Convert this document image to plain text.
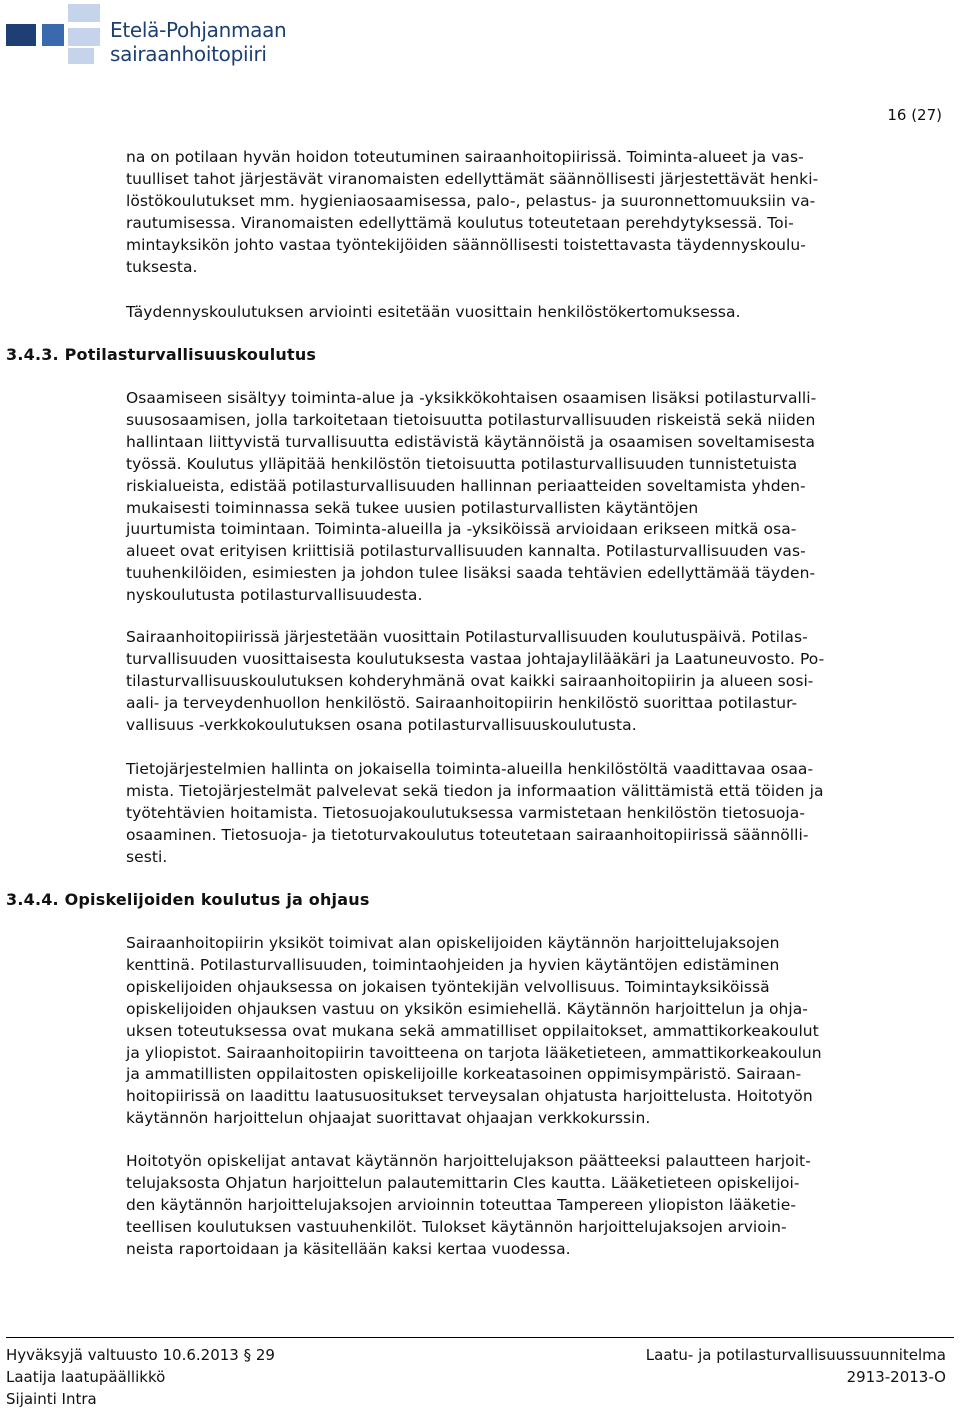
Etelä-Pohjanmaan
sairaanhoitopiiri
16 (27)

na on potilaan hyvän hoidon toteutuminen sairaanhoitopiirissä. Toiminta-alueet ja vas-
tuulliset tahot järjestävät viranomaisten edellyttämät säännöllisesti järjestettävät henki-
löstökoulutukset mm. hygieniaosaamisessa, palo-, pelastus- ja suuronnettomuuksiin va-
rautumisessa. Viranomaisten edellyttämä koulutus toteutetaan perehdytyksessä. Toi-
mintayksikön johto vastaa työntekijöiden säännöllisesti toistettavasta täydennyskoulu-
tuksesta.

Täydennyskoulutuksen arviointi esitetään vuosittain henkilöstökertomuksessa.

3.4.3. Potilasturvallisuuskoulutus

Osaamiseen sisältyy toiminta-alue ja -yksikkökohtaisen osaamisen lisäksi potilasturvalli-
suusosaamisen, jolla tarkoitetaan tietoisuutta potilasturvallisuuden riskeistä sekä niiden
hallintaan liittyvistä turvallisuutta edistävistä käytännöistä ja osaamisen soveltamisesta
työssä. Koulutus ylläpitää henkilöstön tietoisuutta potilasturvallisuuden tunnistetuista
riskialueista, edistää potilasturvallisuuden hallinnan periaatteiden soveltamista yhden-
mukaisesti toiminnassa sekä tukee uusien potilasturvallisten käytäntöjen
juurtumista toimintaan. Toiminta-alueilla ja -yksiköissä arvioidaan erikseen mitkä osa-
alueet ovat erityisen kriittisiä potilasturvallisuuden kannalta. Potilasturvallisuuden vas-
tuuhenkilöiden, esimiesten ja johdon tulee lisäksi saada tehtävien edellyttämää täyden-
nyskoulutusta potilasturvallisuudesta.

Sairaanhoitopiirissä järjestetään vuosittain Potilasturvallisuuden koulutuspäivä. Potilas-
turvallisuuden vuosittaisesta koulutuksesta vastaa johtajaylilääkäri ja Laatuneuvosto. Po-
tilasturvallisuuskoulutuksen kohderyhmänä ovat kaikki sairaanhoitopiirin ja alueen sosi-
aali- ja terveydenhuollon henkilöstö. Sairaanhoitopiirin henkilöstö suorittaa potilastur-
vallisuus -verkkokoulutuksen osana potilasturvallisuuskoulutusta.

Tietojärjestelmien hallinta on jokaisella toiminta-alueilla henkilöstöltä vaadittavaa osaa-
mista. Tietojärjestelmät palvelevat sekä tiedon ja informaation välittämistä että töiden ja
työtehtävien hoitamista. Tietosuojakoulutuksessa varmistetaan henkilöstön tietosuoja-
osaaminen. Tietosuoja- ja tietoturvakoulutus toteutetaan sairaanhoitopiirissä säännölli-
sesti.

3.4.4. Opiskelijoiden koulutus ja ohjaus

Sairaanhoitopiirin yksiköt toimivat alan opiskelijoiden käytännön harjoittelujaksojen
kenttinä. Potilasturvallisuuden, toimintaohjeiden ja hyvien käytäntöjen edistäminen
opiskelijoiden ohjauksessa on jokaisen työntekijän velvollisuus. Toimintayksiköissä
opiskelijoiden ohjauksen vastuu on yksikön esimiehellä. Käytännön harjoittelun ja ohja-
uksen toteutuksessa ovat mukana sekä ammatilliset oppilaitokset, ammattikorkeakoulut
ja yliopistot. Sairaanhoitopiirin tavoitteena on tarjota lääketieteen, ammattikorkeakoulun
ja ammatillisten oppilaitosten opiskelijoille korkeatasoinen oppimisympäristö. Sairaan-
hoitopiirissä on laadittu laatusuositukset terveysalan ohjatusta harjoittelusta. Hoitotyön
käytännön harjoittelun ohjaajat suorittavat ohjaajan verkkokurssin.

Hoitotyön opiskelijat antavat käytännön harjoittelujakson päätteeksi palautteen harjoit-
telujaksosta Ohjatun harjoittelun palautemittarin Cles kautta. Lääketieteen opiskelijoi-
den käytännön harjoittelujaksojen arvioinnin toteuttaa Tampereen yliopiston lääketie-
teellisen koulutuksen vastuuhenkilöt. Tulokset käytännön harjoittelujaksojen arvioin-
neista raportoidaan ja käsitellään kaksi kertaa vuodessa.

Hyväksyjä valtuusto 10.6.2013 § 29
Laatija laatupäällikkö
Sijainti Intra
Laatu- ja potilasturvallisuussuunnitelma
2913-2013-O
